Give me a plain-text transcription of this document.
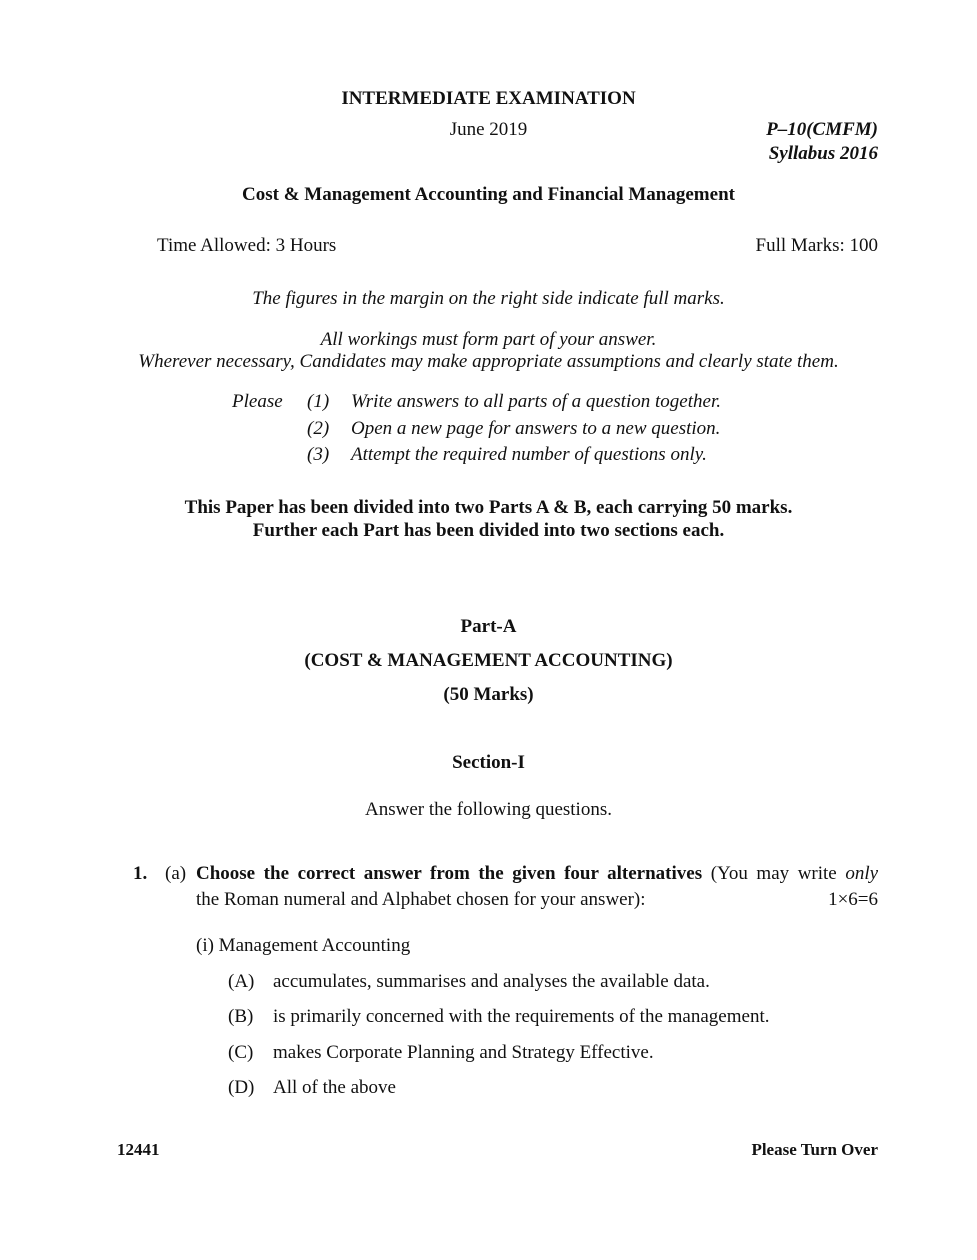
INTERMEDIATE EXAMINATION
June 2019	P–10(CMFM)
Syllabus 2016
Cost & Management Accounting and Financial Management
Time Allowed: 3 Hours	Full Marks: 100
The figures in the margin on the right side indicate full marks.
All workings must form part of your answer.
Wherever necessary, Candidates may make appropriate assumptions and clearly state them.
Please (1) Write answers to all parts of a question together.
(2) Open a new page for answers to a new question.
(3) Attempt the required number of questions only.
This Paper has been divided into two Parts A & B, each carrying 50 marks.
Further each Part has been divided into two sections each.
Part-A
(COST & MANAGEMENT ACCOUNTING)
(50 Marks)
Section-I
Answer the following questions.
1. (a) Choose the correct answer from the given four alternatives (You may write only
the Roman numeral and Alphabet chosen for your answer):	1×6=6
(i) Management Accounting
(A) accumulates, summarises and analyses the available data.
(B) is primarily concerned with the requirements of the management.
(C) makes Corporate Planning and Strategy Effective.
(D) All of the above
12441	Please Turn Over
